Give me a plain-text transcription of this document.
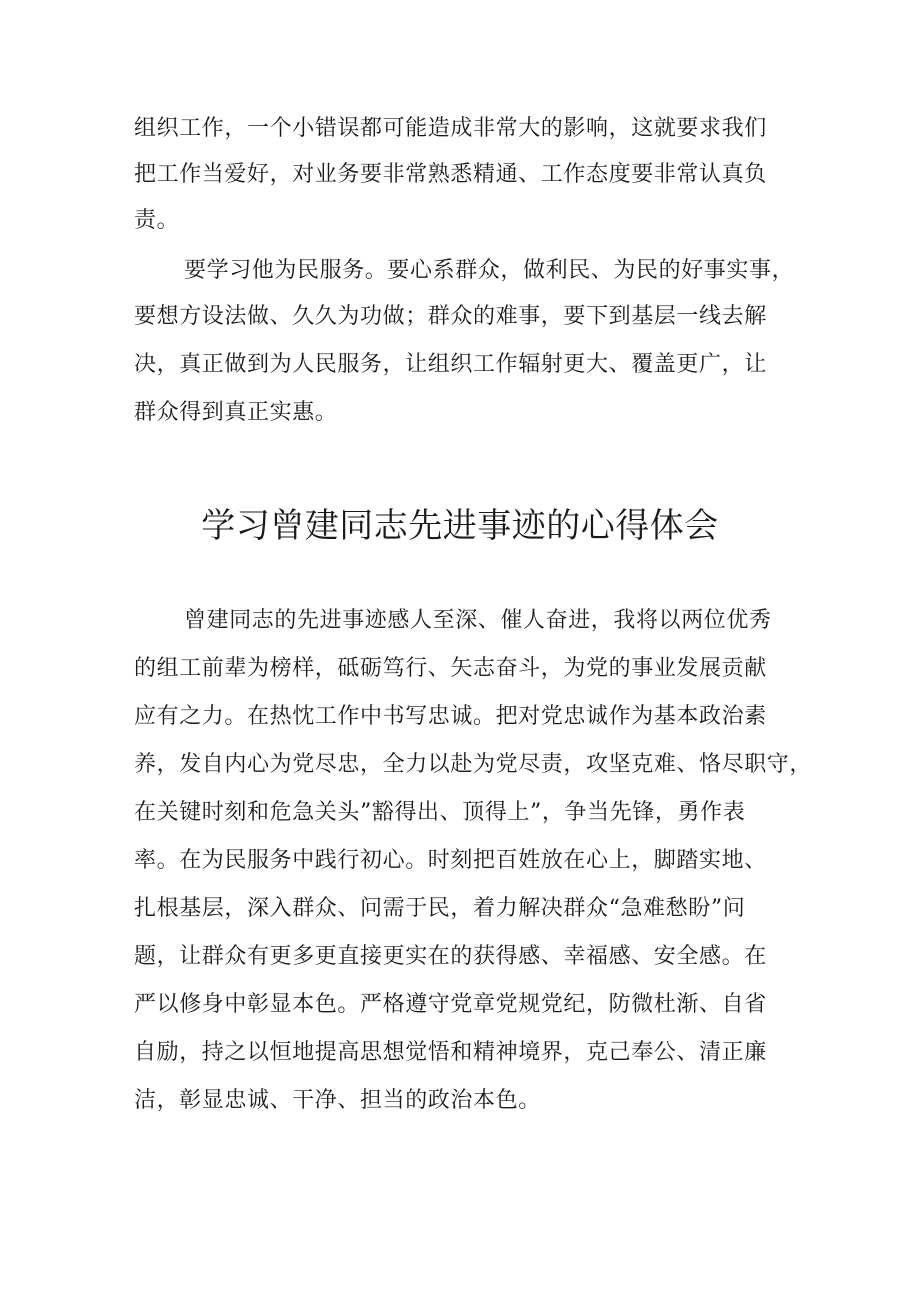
组织工作，一个小错误都可能造成非常大的影响，这就要求我们

把工作当爱好，对业务要非常熟悉精通、工作态度要非常认真负

责。

要学习他为民服务。要心系群众，做利民、为民的好事实事，

要想方设法做、久久为功做；群众的难事，要下到基层一线去解

决，真正做到为人民服务，让组织工作辐射更大、覆盖更广，让

群众得到真正实惠。

学习曾建同志先进事迹的心得体会

曾建同志的先进事迹感人至深、催人奋进，我将以两位优秀

的组工前辈为榜样，砥砺笃行、矢志奋斗，为党的事业发展贡献

应有之力。在热忱工作中书写忠诚。把对党忠诚作为基本政治素

养，发自内心为党尽忠，全力以赴为党尽责，攻坚克难、恪尽职守，

在关键时刻和危急关头”豁得出、顶得上”，争当先锋，勇作表

率。在为民服务中践行初心。时刻把百姓放在心上，脚踏实地、

扎根基层，深入群众、问需于民，着力解决群众“急难愁盼”问

题，让群众有更多更直接更实在的获得感、幸福感、安全感。在

严以修身中彰显本色。严格遵守党章党规党纪，防微杜渐、自省

自励，持之以恒地提高思想觉悟和精神境界，克己奉公、清正廉

洁，彰显忠诚、干净、担当的政治本色。
